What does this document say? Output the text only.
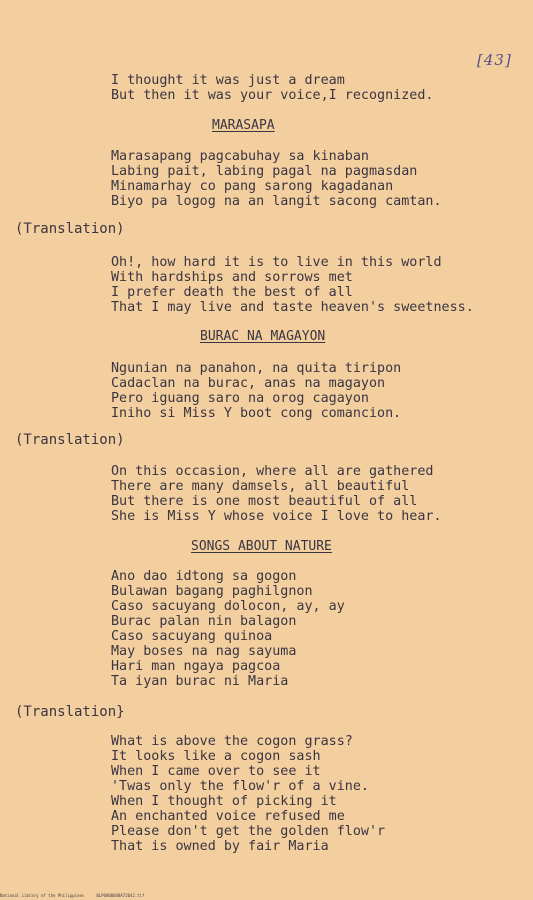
[43]
I thought it was just a dream
But then it was your voice,I recognized.
MARASAPA
Marasapang pagcabuhay sa kinaban
Labing pait, labing pagal na pagmasdan
Minamarhay co pang sarong kagadanan
Biyo pa logog na an langit sacong camtan.
(Translation)
Oh!, how hard it is to live in this world
With hardships and sorrows met
I prefer death the best of all
That I may live and taste heaven's sweetness.
BURAC NA MAGAYON
Ngunian na panahon, na quita tiripon
Cadaclan na burac, anas na magayon
Pero iguang saro na orog cagayon
Iniho si Miss Y boot cong comancion.
(Translation)
On this occasion, where all are gathered
There are many damsels, all beautiful
But there is one most beautiful of all
She is Miss Y whose voice I love to hear.
SONGS ABOUT NATURE
Ano dao idtong sa gogon
Bulawan bagang paghilgnon
Caso sacuyang dolocon, ay, ay
Burac palan nin balagon
Caso sacuyang quinoa
May boses na nag sayuma
Hari man ngaya pagcoa
Ta iyan burac ni Maria
(Translation}
What is above the cogon grass?
It looks like a cogon sash
When I came over to see it
'Twas only the flow'r of a vine.
When I thought of picking it
An enchanted voice refused me
Please don't get the golden flow'r
That is owned by fair Maria
National Library of the Philippines     BLP00000UBA72042.tif
